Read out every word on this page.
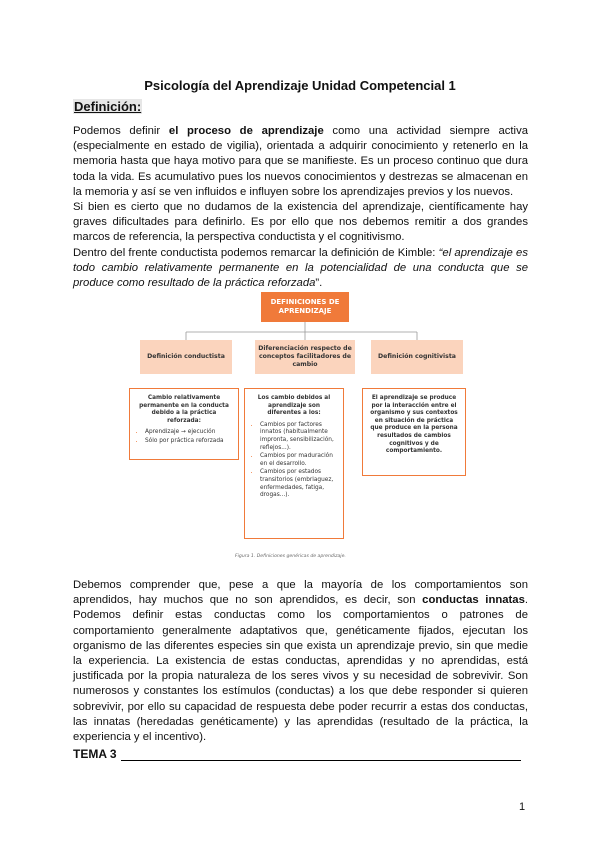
Psicología del Aprendizaje Unidad Competencial 1
Definición:

Podemos definir el proceso de aprendizaje como una actividad siempre activa (especialmente en estado de vigilia), orientada a adquirir conocimiento y retenerlo en la memoria hasta que haya motivo para que se manifieste. Es un proceso continuo que dura toda la vida. Es acumulativo pues los nuevos conocimientos y destrezas se almacenan en la memoria y así se ven influidos e influyen sobre los aprendizajes previos y los nuevos.
Si bien es cierto que no dudamos de la existencia del aprendizaje, científicamente hay graves dificultades para definirlo. Es por ello que nos debemos remitir a dos grandes marcos de referencia, la perspectiva conductista y el cognitivismo.
Dentro del frente conductista podemos remarcar la definición de Kimble: “el aprendizaje es todo cambio relativamente permanente en la potencialidad de una conducta que se produce como resultado de la práctica reforzada”.

DEFINICIONES DE APRENDIZAJE
Definición conductista
Diferenciación respecto de conceptos facilitadores de cambio
Definición cognitivista
Cambio relativamente permanente en la conducta debido a la práctica reforzada:
• Aprendizaje → ejecución
• Sólo por práctica reforzada
Los cambio debidos al aprendizaje son diferentes a los:
• Cambios por factores innatos (habitualmente impronta, sensibilización, reflejos...).
• Cambios por maduración en el desarrollo.
• Cambios por estados transitorios (embriaguez, enfermedades, fatiga, drogas...).
El aprendizaje se produce por la interacción entre el organismo y sus contextos en situación de práctica que produce en la persona resultados de cambios cognitivos y de comportamiento.
Figura 1. Definiciones genéricas de aprendizaje.

Debemos comprender que, pese a que la mayoría de los comportamientos son aprendidos, hay muchos que no son aprendidos, es decir, son conductas innatas. Podemos definir estas conductas como los comportamientos o patrones de comportamiento generalmente adaptativos que, genéticamente fijados, ejecutan los organismo de las diferentes especies sin que exista un aprendizaje previo, sin que medie la experiencia. La existencia de estas conductas, aprendidas y no aprendidas, está justificada por la propia naturaleza de los seres vivos y su necesidad de sobrevivir. Son numerosos y constantes los estímulos (conductas) a los que debe responder si quieren sobrevivir, por ello su capacidad de respuesta debe poder recurrir a estas dos conductas, las innatas (heredadas genéticamente) y las aprendidas (resultado de la práctica, la experiencia y el incentivo).

TEMA 3
1
